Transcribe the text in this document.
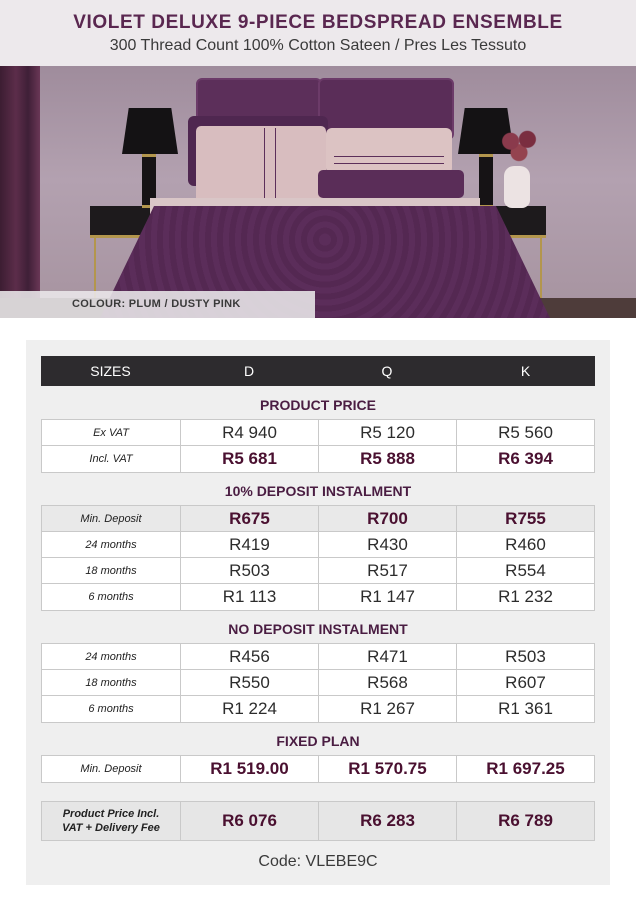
VIOLET DELUXE 9-PIECE BEDSPREAD ENSEMBLE
300 Thread Count 100% Cotton Sateen / Pres Les Tessuto
COLOUR: PLUM / DUSTY PINK
SIZES	D	Q	K
PRODUCT PRICE
Ex VAT	R4 940	R5 120	R5 560
Incl. VAT	R5 681	R5 888	R6 394
10% DEPOSIT INSTALMENT
Min. Deposit	R675	R700	R755
24 months	R419	R430	R460
18 months	R503	R517	R554
6 months	R1 113	R1 147	R1 232
NO DEPOSIT INSTALMENT
24 months	R456	R471	R503
18 months	R550	R568	R607
6 months	R1 224	R1 267	R1 361
FIXED PLAN
Min. Deposit	R1 519.00	R1 570.75	R1 697.25
Product Price Incl.
VAT + Delivery Fee	R6 076	R6 283	R6 789
Code: VLEBE9C
